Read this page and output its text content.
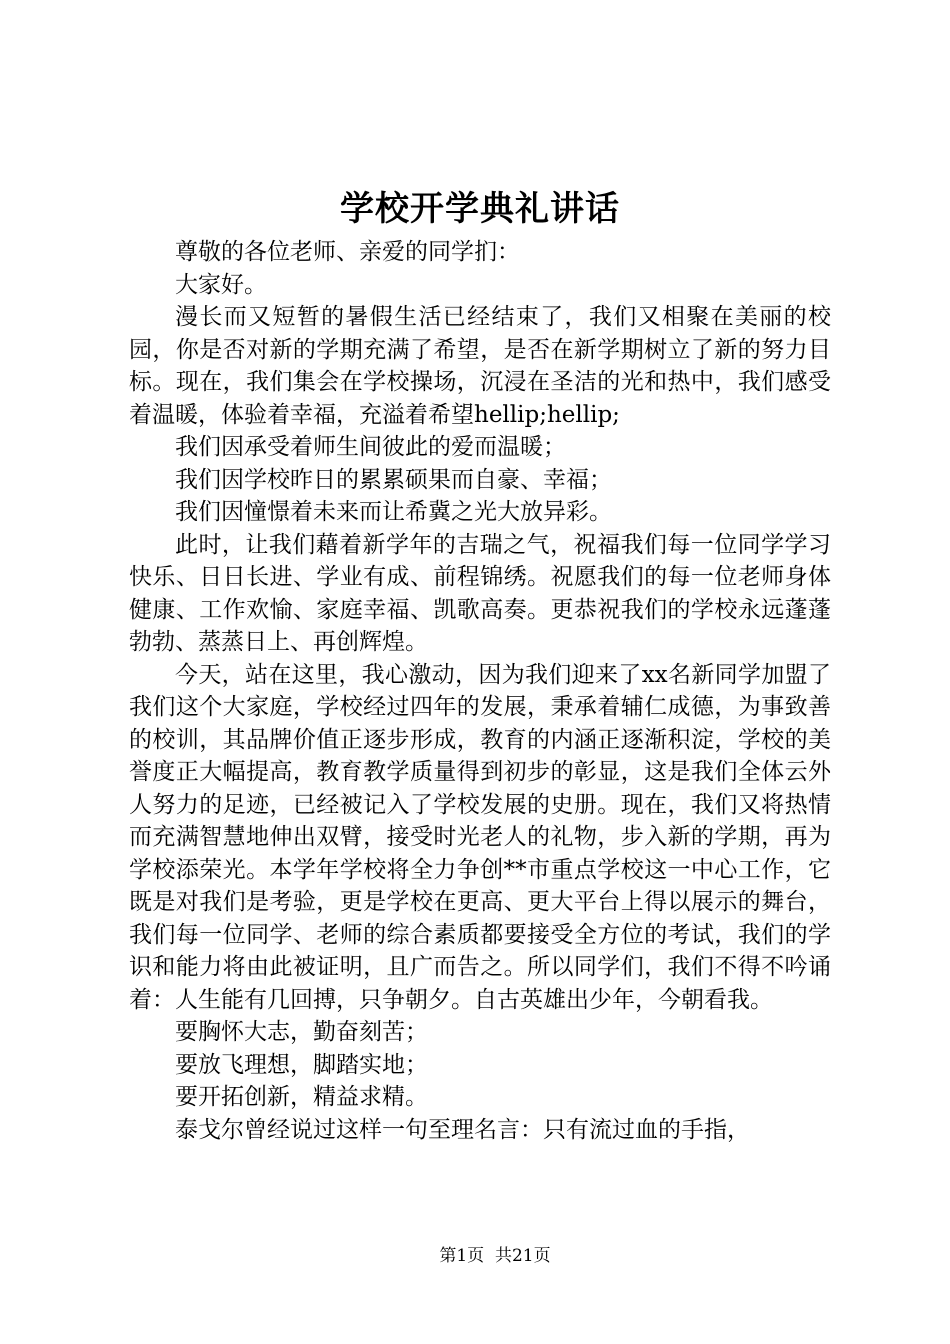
学校开学典礼讲话

尊敬的各位老师、亲爱的同学扪：

大家好。

漫长而又短暂的暑假生活已经结束了，我们又相聚在美丽的校园，你是否对新的学期充满了希望，是否在新学期树立了新的努力目标。现在，我们集会在学校操场，沉浸在圣洁的光和热中，我们感受着温暖，体验着幸福，充溢着希望hellip;hellip;

我们因承受着师生间彼此的爱而温暖；

我们因学校昨日的累累硕果而自豪、幸福；

我们因憧憬着未来而让希冀之光大放异彩。

此时，让我们藉着新学年的吉瑞之气，祝福我们每一位同学学习快乐、日日长进、学业有成、前程锦绣。祝愿我们的每一位老师身体健康、工作欢愉、家庭幸福、凯歌高奏。更恭祝我们的学校永远蓬蓬勃勃、蒸蒸日上、再创辉煌。

今天，站在这里，我心激动，因为我们迎来了xx名新同学加盟了我们这个大家庭，学校经过四年的发展，秉承着辅仁成德，为事致善的校训，其品牌价值正逐步形成，教育的内涵正逐渐积淀，学校的美誉度正大幅提高，教育教学质量得到初步的彰显，这是我们全体云外人努力的足迹，已经被记入了学校发展的史册。现在，我们又将热情而充满智慧地伸出双臂，接受时光老人的礼物，步入新的学期，再为学校添荣光。本学年学校将全力争创**市重点学校这一中心工作，它既是对我们是考验，更是学校在更高、更大平台上得以展示的舞台，我们每一位同学、老师的综合素质都要接受全方位的考试，我们的学识和能力将由此被证明，且广而告之。所以同学们，我们不得不吟诵着：人生能有几回搏，只争朝夕。自古英雄出少年，今朝看我。

要胸怀大志，勤奋刻苦；

要放飞理想，脚踏实地；

要开拓创新，精益求精。

泰戈尔曾经说过这样一句至理名言：只有流过血的手指，

第1页  共21页
